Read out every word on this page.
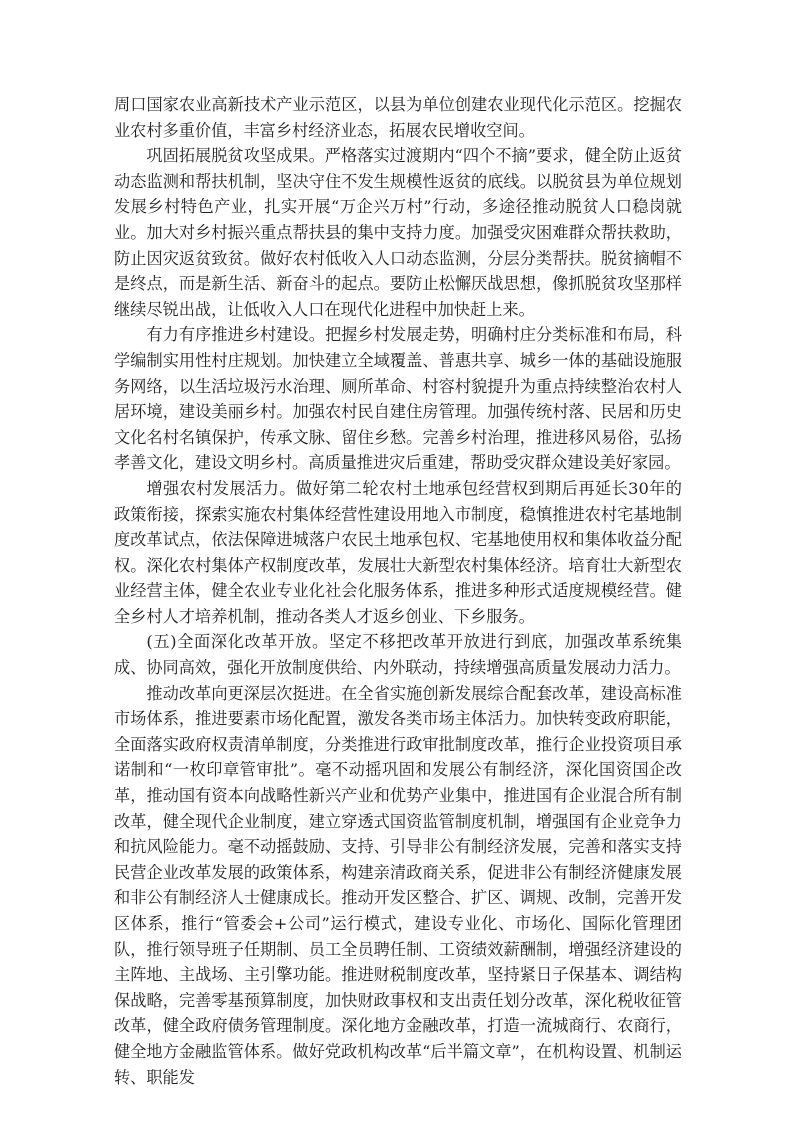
周口国家农业高新技术产业示范区，以县为单位创建农业现代化示范区。挖掘农业农村多重价值，丰富乡村经济业态，拓展农民增收空间。

巩固拓展脱贫攻坚成果。严格落实过渡期内“四个不摘”要求，健全防止返贫动态监测和帮扶机制，坚决守住不发生规模性返贫的底线。以脱贫县为单位规划发展乡村特色产业，扎实开展“万企兴万村”行动，多途径推动脱贫人口稳岗就业。加大对乡村振兴重点帮扶县的集中支持力度。加强受灾困难群众帮扶救助，防止因灾返贫致贫。做好农村低收入人口动态监测，分层分类帮扶。脱贫摘帽不是终点，而是新生活、新奋斗的起点。要防止松懈厌战思想，像抓脱贫攻坚那样继续尽锐出战，让低收入人口在现代化进程中加快赶上来。

有力有序推进乡村建设。把握乡村发展走势，明确村庄分类标准和布局，科学编制实用性村庄规划。加快建立全域覆盖、普惠共享、城乡一体的基础设施服务网络，以生活垃圾污水治理、厕所革命、村容村貌提升为重点持续整治农村人居环境，建设美丽乡村。加强农村民自建住房管理。加强传统村落、民居和历史文化名村名镇保护，传承文脉、留住乡愁。完善乡村治理，推进移风易俗，弘扬孝善文化，建设文明乡村。高质量推进灾后重建，帮助受灾群众建设美好家园。

增强农村发展活力。做好第二轮农村土地承包经营权到期后再延长30年的政策衔接，探索实施农村集体经营性建设用地入市制度，稳慎推进农村宅基地制度改革试点，依法保障进城落户农民土地承包权、宅基地使用权和集体收益分配权。深化农村集体产权制度改革，发展壮大新型农村集体经济。培育壮大新型农业经营主体，健全农业专业化社会化服务体系，推进多种形式适度规模经营。健全乡村人才培养机制，推动各类人才返乡创业、下乡服务。

(五)全面深化改革开放。坚定不移把改革开放进行到底，加强改革系统集成、协同高效，强化开放制度供给、内外联动，持续增强高质量发展动力活力。

推动改革向更深层次挺进。在全省实施创新发展综合配套改革，建设高标准市场体系，推进要素市场化配置，激发各类市场主体活力。加快转变政府职能，全面落实政府权责清单制度，分类推进行政审批制度改革，推行企业投资项目承诺制和“一枚印章管审批”。毫不动摇巩固和发展公有制经济，深化国资国企改革，推动国有资本向战略性新兴产业和优势产业集中，推进国有企业混合所有制改革，健全现代企业制度，建立穿透式国资监管制度机制，增强国有企业竞争力和抗风险能力。毫不动摇鼓励、支持、引导非公有制经济发展，完善和落实支持民营企业改革发展的政策体系，构建亲清政商关系，促进非公有制经济健康发展和非公有制经济人士健康成长。推动开发区整合、扩区、调规、改制，完善开发区体系，推行“管委会+公司”运行模式，建设专业化、市场化、国际化管理团队，推行领导班子任期制、员工全员聘任制、工资绩效薪酬制，增强经济建设的主阵地、主战场、主引擎功能。推进财税制度改革，坚持紧日子保基本、调结构保战略，完善零基预算制度，加快财政事权和支出责任划分改革，深化税收征管改革，健全政府债务管理制度。深化地方金融改革，打造一流城商行、农商行，健全地方金融监管体系。做好党政机构改革“后半篇文章”，在机构设置、机制运转、职能发
